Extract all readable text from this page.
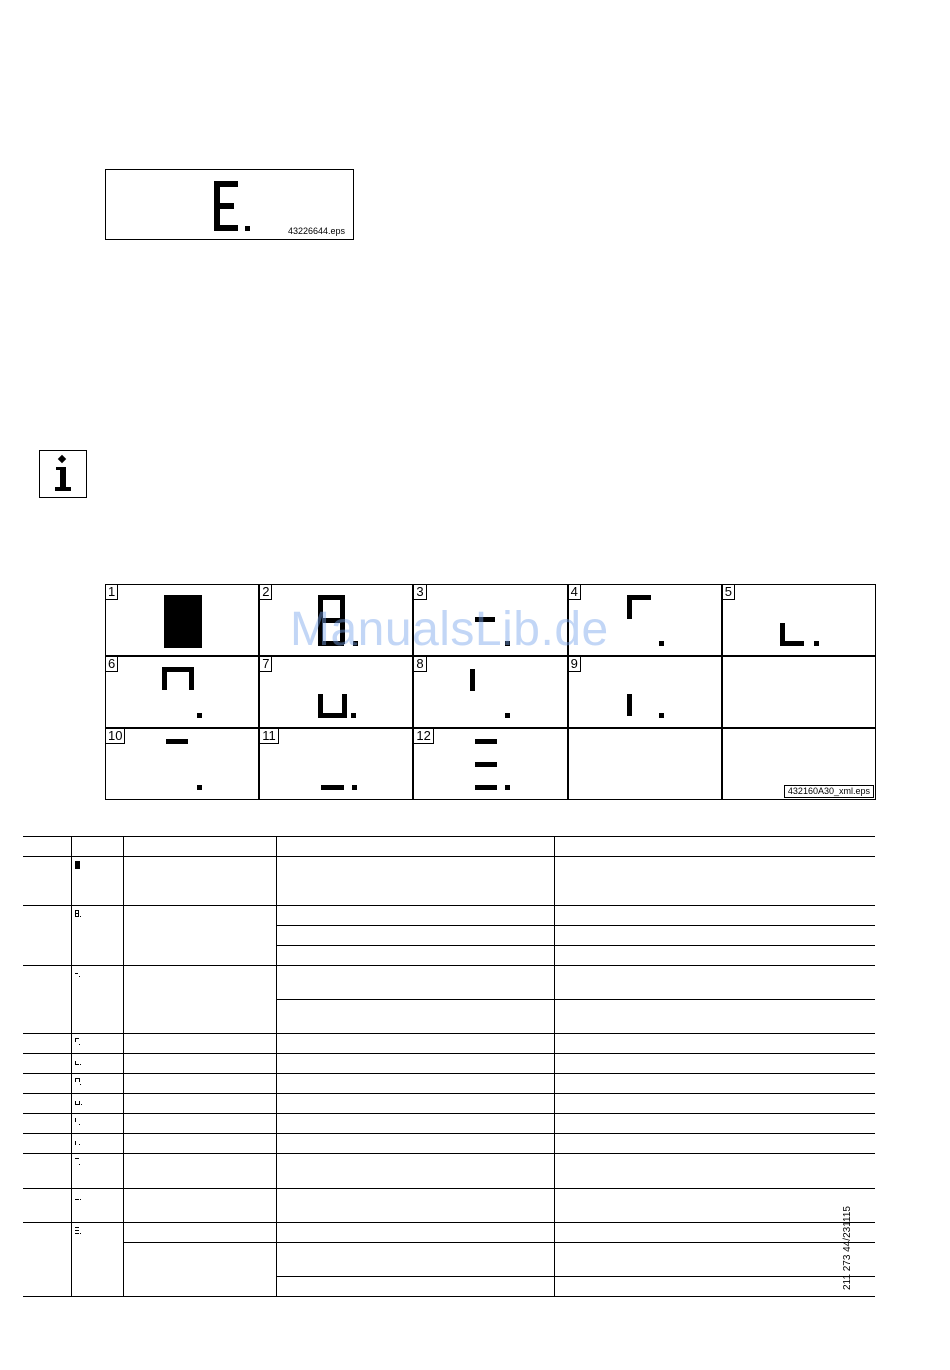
43226644.eps
1	2	3	4	5
6	7	8	9
10	11	12
432160A30_xml.eps
ManualsLib.de
211 273 44/231115
